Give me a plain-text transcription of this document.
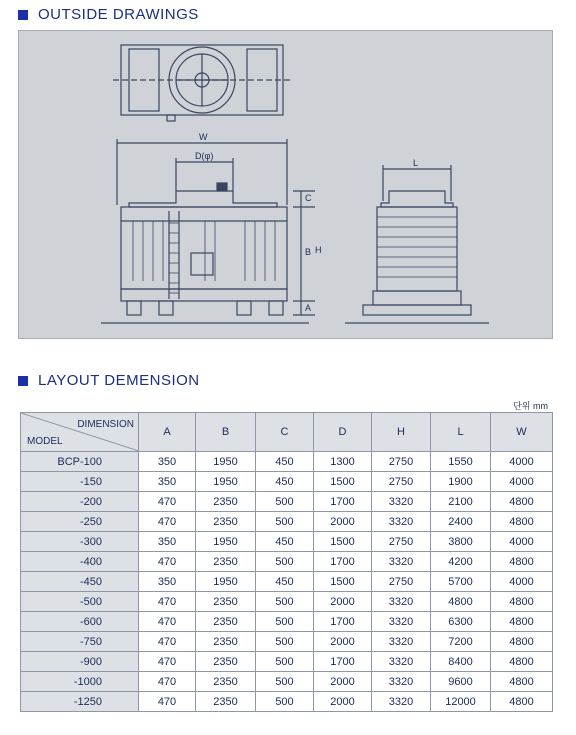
OUTSIDE DRAWINGS
W
D(φ)
C
B H
A
L
LAYOUT DEMENSION
단위 mm
DIMENSION
MODEL	A	B	C	D	H	L	W
BCP-100	350	1950	450	1300	2750	1550	4000
-150	350	1950	450	1500	2750	1900	4000
-200	470	2350	500	1700	3320	2100	4800
-250	470	2350	500	2000	3320	2400	4800
-300	350	1950	450	1500	2750	3800	4000
-400	470	2350	500	1700	3320	4200	4800
-450	350	1950	450	1500	2750	5700	4000
-500	470	2350	500	2000	3320	4800	4800
-600	470	2350	500	1700	3320	6300	4800
-750	470	2350	500	2000	3320	7200	4800
-900	470	2350	500	1700	3320	8400	4800
-1000	470	2350	500	2000	3320	9600	4800
-1250	470	2350	500	2000	3320	12000	4800
